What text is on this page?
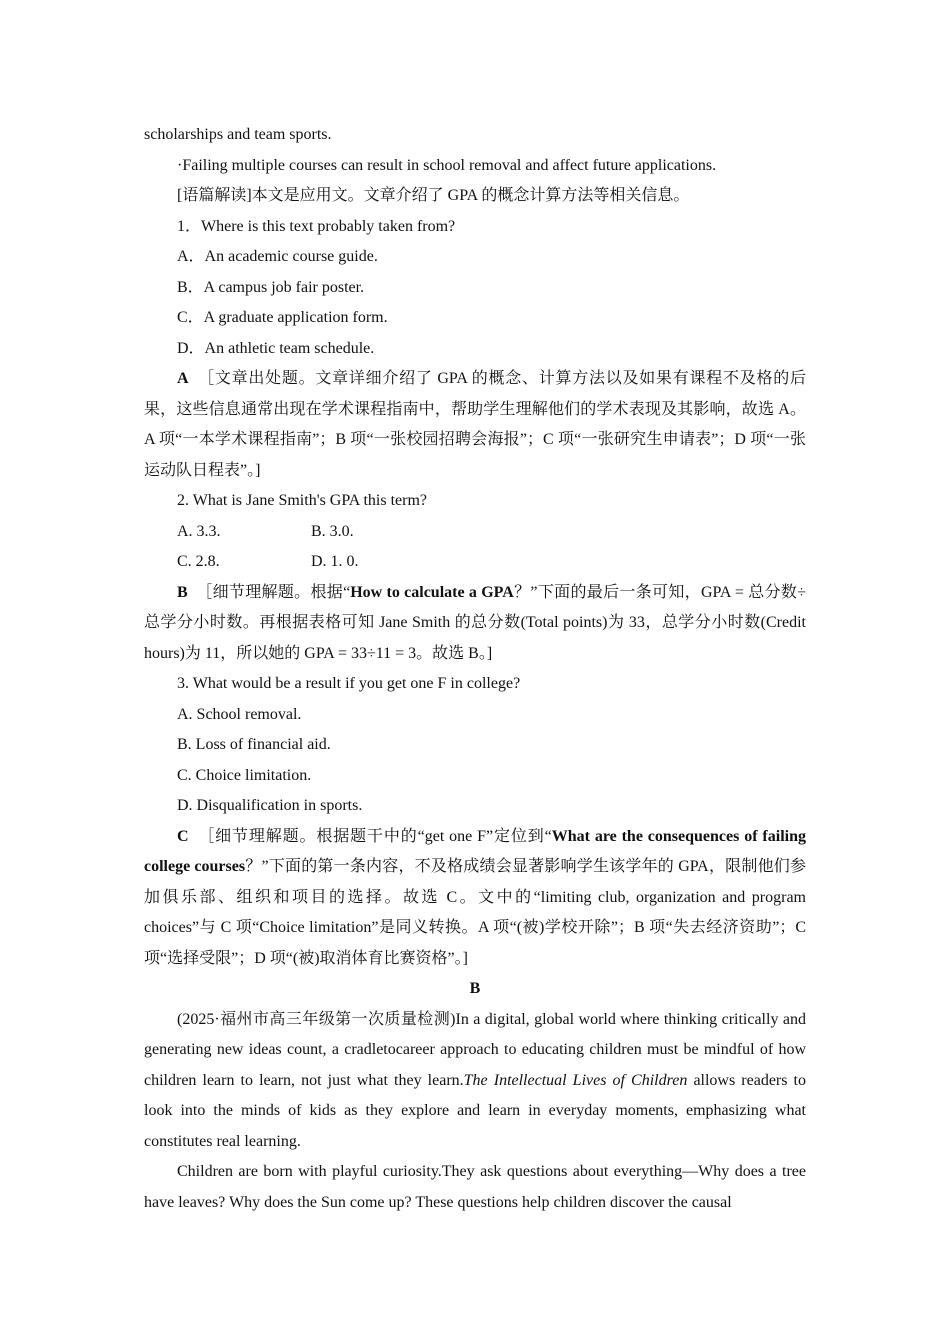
scholarships and team sports.

·Failing multiple courses can result in school removal and affect future applications.

[语篇解读]本文是应用文。文章介绍了 GPA 的概念计算方法等相关信息。

1．Where is this text probably taken from?

A．An academic course guide.

B．A campus job fair poster.

C．A graduate application form.

D．An athletic team schedule.

A　 ［文章出处题。文章详细介绍了 GPA 的概念、计算方法以及如果有课程不及格的后果，这些信息通常出现在学术课程指南中，帮助学生理解他们的学术表现及其影响，故选 A。A 项“一本学术课程指南”；B 项“一张校园招聘会海报”；C 项“一张研究生申请表”；D 项“一张运动队日程表”。]

2. What is Jane Smith's GPA this term?

A. 3.3.	B. 3.0.
C. 2.8.	D. 1. 0.

B　 ［细节理解题。根据“How to calculate a GPA？”下面的最后一条可知，GPA = 总分数÷总学分小时数。再根据表格可知 Jane Smith 的总分数(Total points)为 33，总学分小时数(Credit hours)为 11，所以她的 GPA = 33÷11 = 3。故选 B。]

3. What would be a result if you get one F in college?

A. School removal.

B. Loss of financial aid.

C. Choice limitation.

D. Disqualification in sports.

C　 ［细节理解题。根据题干中的“get one F”定位到“What are the consequences of failing college courses？”下面的第一条内容，不及格成绩会显著影响学生该学年的 GPA，限制他们参加俱乐部、组织和项目的选择。故选 C。文中的“limiting club, organization and program choices”与 C 项“Choice limitation”是同义转换。A 项“(被)学校开除”；B 项“失去经济资助”；C 项“选择受限”；D 项“(被)取消体育比赛资格”。]

B

(2025·福州市高三年级第一次质量检测)In a digital, global world where thinking critically and generating new ideas count, a cradletocareer approach to educating children must be mindful of how children learn to learn, not just what they learn.The Intellectual Lives of Children allows readers to look into the minds of kids as they explore and learn in everyday moments, emphasizing what constitutes real learning.

Children are born with playful curiosity.They ask questions about everything—Why does a tree have leaves? Why does the Sun come up? These questions help children discover the causal
